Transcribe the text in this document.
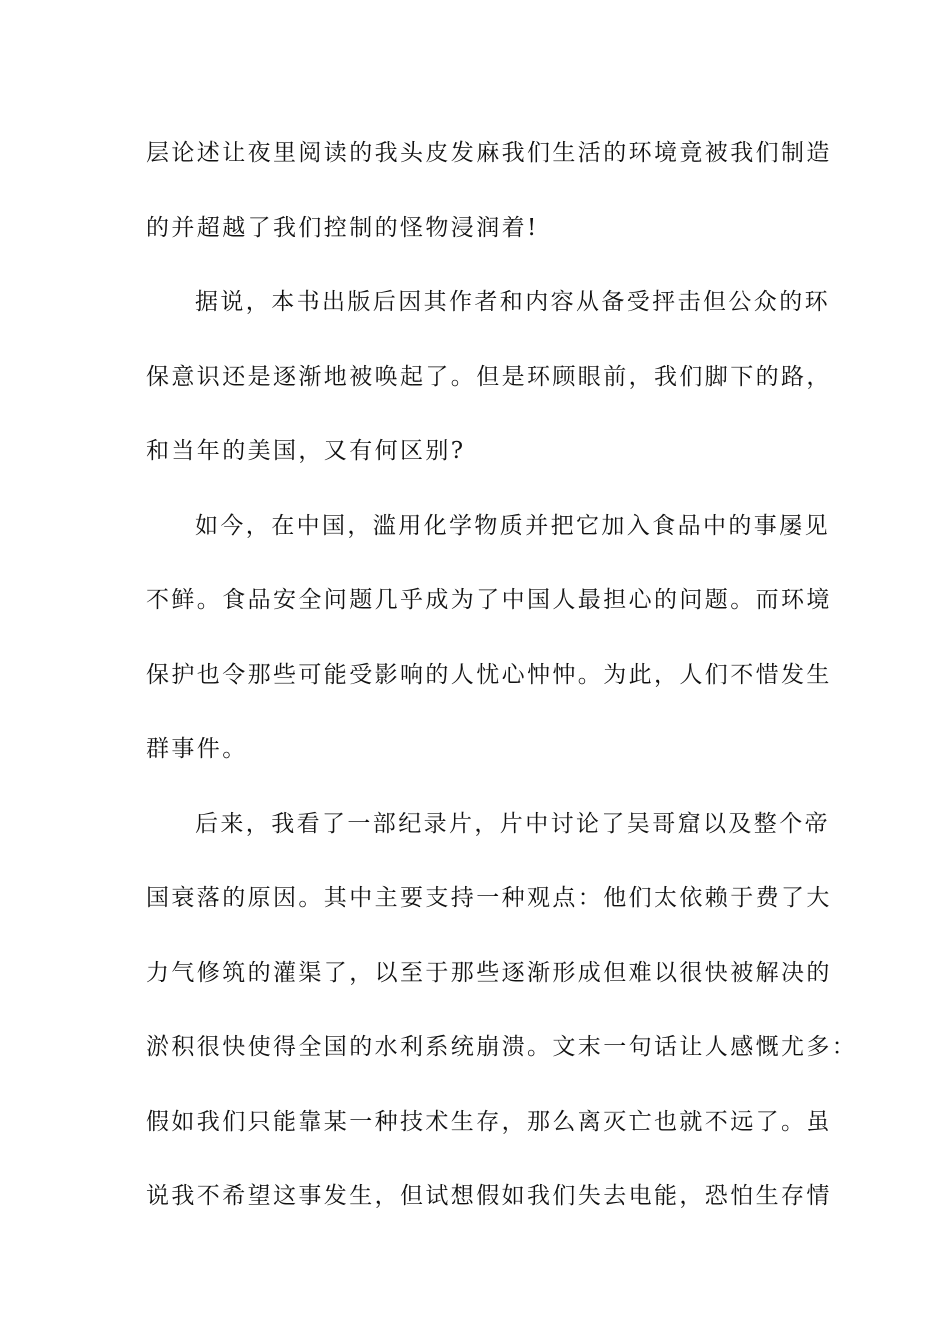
层论述让夜里阅读的我头皮发麻我们生活的环境竟被我们制造
的并超越了我们控制的怪物浸润着!
据说，本书出版后因其作者和内容从备受抨击但公众的环
保意识还是逐渐地被唤起了。但是环顾眼前，我们脚下的路，
和当年的美国，又有何区别?
如今，在中国，滥用化学物质并把它加入食品中的事屡见
不鲜。食品安全问题几乎成为了中国人最担心的问题。而环境
保护也令那些可能受影响的人忧心忡忡。为此，人们不惜发生
群事件。
后来，我看了一部纪录片，片中讨论了吴哥窟以及整个帝
国衰落的原因。其中主要支持一种观点：他们太依赖于费了大
力气修筑的灌渠了，以至于那些逐渐形成但难以很快被解决的
淤积很快使得全国的水利系统崩溃。文末一句话让人感慨尤多：
假如我们只能靠某一种技术生存，那么离灭亡也就不远了。虽
说我不希望这事发生，但试想假如我们失去电能，恐怕生存情
